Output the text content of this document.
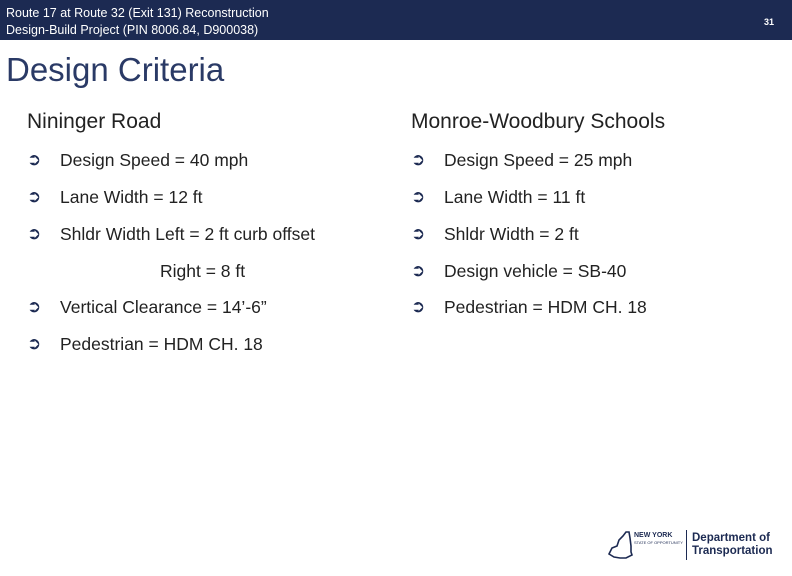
Route 17 at Route 32 (Exit 131) Reconstruction
Design-Build Project (PIN 8006.84, D900038)
31
Design Criteria
Nininger Road	Monroe-Woodbury Schools
➲ Design Speed = 40 mph
➲ Lane Width = 12 ft
➲ Shldr Width Left = 2 ft curb offset
Right = 8 ft
➲ Vertical Clearance = 14’-6”
➲ Pedestrian = HDM CH. 18
➲ Design Speed = 25 mph
➲ Lane Width = 11 ft
➲ Shldr Width = 2 ft
➲ Design vehicle = SB-40
➲ Pedestrian = HDM CH. 18
NEW YORK
STATE OF OPPORTUNITY Department of
Transportation
